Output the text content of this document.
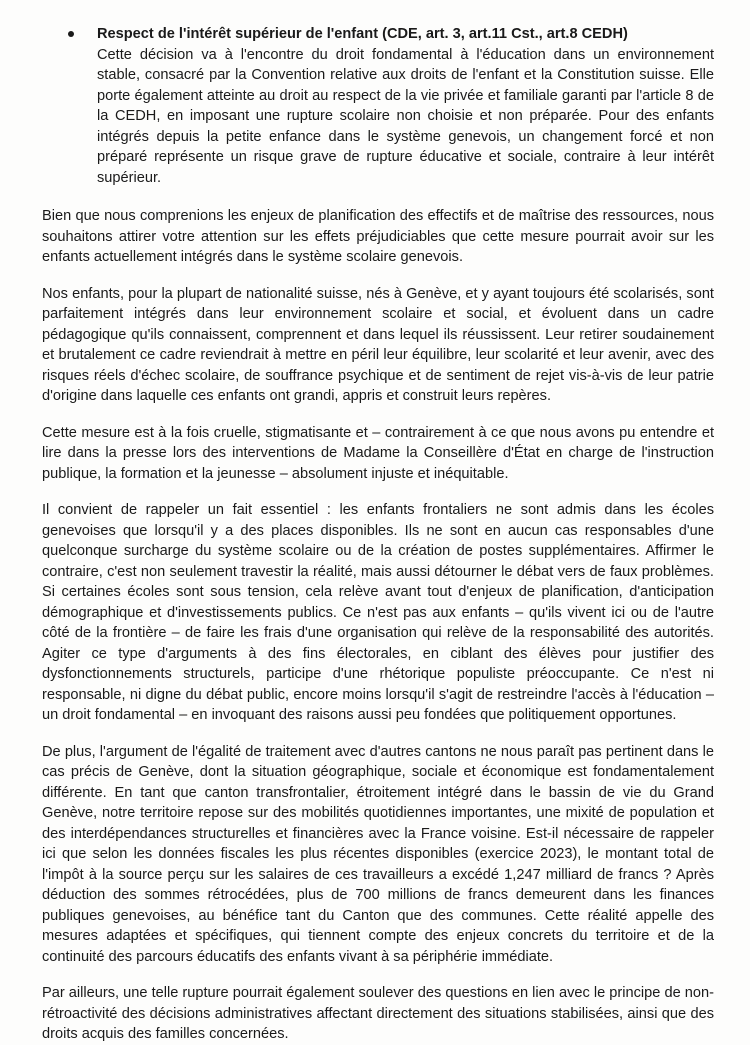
Respect de l'intérêt supérieur de l'enfant (CDE, art. 3, art.11 Cst., art.8 CEDH)

Cette décision va à l'encontre du droit fondamental à l'éducation dans un environnement stable, consacré par la Convention relative aux droits de l'enfant et la Constitution suisse. Elle porte également atteinte au droit au respect de la vie privée et familiale garanti par l'article 8 de la CEDH, en imposant une rupture scolaire non choisie et non préparée. Pour des enfants intégrés depuis la petite enfance dans le système genevois, un changement forcé et non préparé représente un risque grave de rupture éducative et sociale, contraire à leur intérêt supérieur.

Bien que nous comprenions les enjeux de planification des effectifs et de maîtrise des ressources, nous souhaitons attirer votre attention sur les effets préjudiciables que cette mesure pourrait avoir sur les enfants actuellement intégrés dans le système scolaire genevois.

Nos enfants, pour la plupart de nationalité suisse, nés à Genève, et y ayant toujours été scolarisés, sont parfaitement intégrés dans leur environnement scolaire et social, et évoluent dans un cadre pédagogique qu'ils connaissent, comprennent et dans lequel ils réussissent. Leur retirer soudainement et brutalement ce cadre reviendrait à mettre en péril leur équilibre, leur scolarité et leur avenir, avec des risques réels d'échec scolaire, de souffrance psychique et de sentiment de rejet vis-à-vis de leur patrie d'origine dans laquelle ces enfants ont grandi, appris et construit leurs repères.

Cette mesure est à la fois cruelle, stigmatisante et – contrairement à ce que nous avons pu entendre et lire dans la presse lors des interventions de Madame la Conseillère d'État en charge de l'instruction publique, la formation et la jeunesse – absolument injuste et inéquitable.

Il convient de rappeler un fait essentiel : les enfants frontaliers ne sont admis dans les écoles genevoises que lorsqu'il y a des places disponibles. Ils ne sont en aucun cas responsables d'une quelconque surcharge du système scolaire ou de la création de postes supplémentaires. Affirmer le contraire, c'est non seulement travestir la réalité, mais aussi détourner le débat vers de faux problèmes. Si certaines écoles sont sous tension, cela relève avant tout d'enjeux de planification, d'anticipation démographique et d'investissements publics. Ce n'est pas aux enfants – qu'ils vivent ici ou de l'autre côté de la frontière – de faire les frais d'une organisation qui relève de la responsabilité des autorités. Agiter ce type d'arguments à des fins électorales, en ciblant des élèves pour justifier des dysfonctionnements structurels, participe d'une rhétorique populiste préoccupante. Ce n'est ni responsable, ni digne du débat public, encore moins lorsqu'il s'agit de restreindre l'accès à l'éducation – un droit fondamental – en invoquant des raisons aussi peu fondées que politiquement opportunes.

De plus, l'argument de l'égalité de traitement avec d'autres cantons ne nous paraît pas pertinent dans le cas précis de Genève, dont la situation géographique, sociale et économique est fondamentalement différente. En tant que canton transfrontalier, étroitement intégré dans le bassin de vie du Grand Genève, notre territoire repose sur des mobilités quotidiennes importantes, une mixité de population et des interdépendances structurelles et financières avec la France voisine. Est-il nécessaire de rappeler ici que selon les données fiscales les plus récentes disponibles (exercice 2023), le montant total de l'impôt à la source perçu sur les salaires de ces travailleurs a excédé 1,247 milliard de francs ? Après déduction des sommes rétrocédées, plus de 700 millions de francs demeurent dans les finances publiques genevoises, au bénéfice tant du Canton que des communes. Cette réalité appelle des mesures adaptées et spécifiques, qui tiennent compte des enjeux concrets du territoire et de la continuité des parcours éducatifs des enfants vivant à sa périphérie immédiate.

Par ailleurs, une telle rupture pourrait également soulever des questions en lien avec le principe de non-rétroactivité des décisions administratives affectant directement des situations stabilisées, ainsi que des droits acquis des familles concernées.
